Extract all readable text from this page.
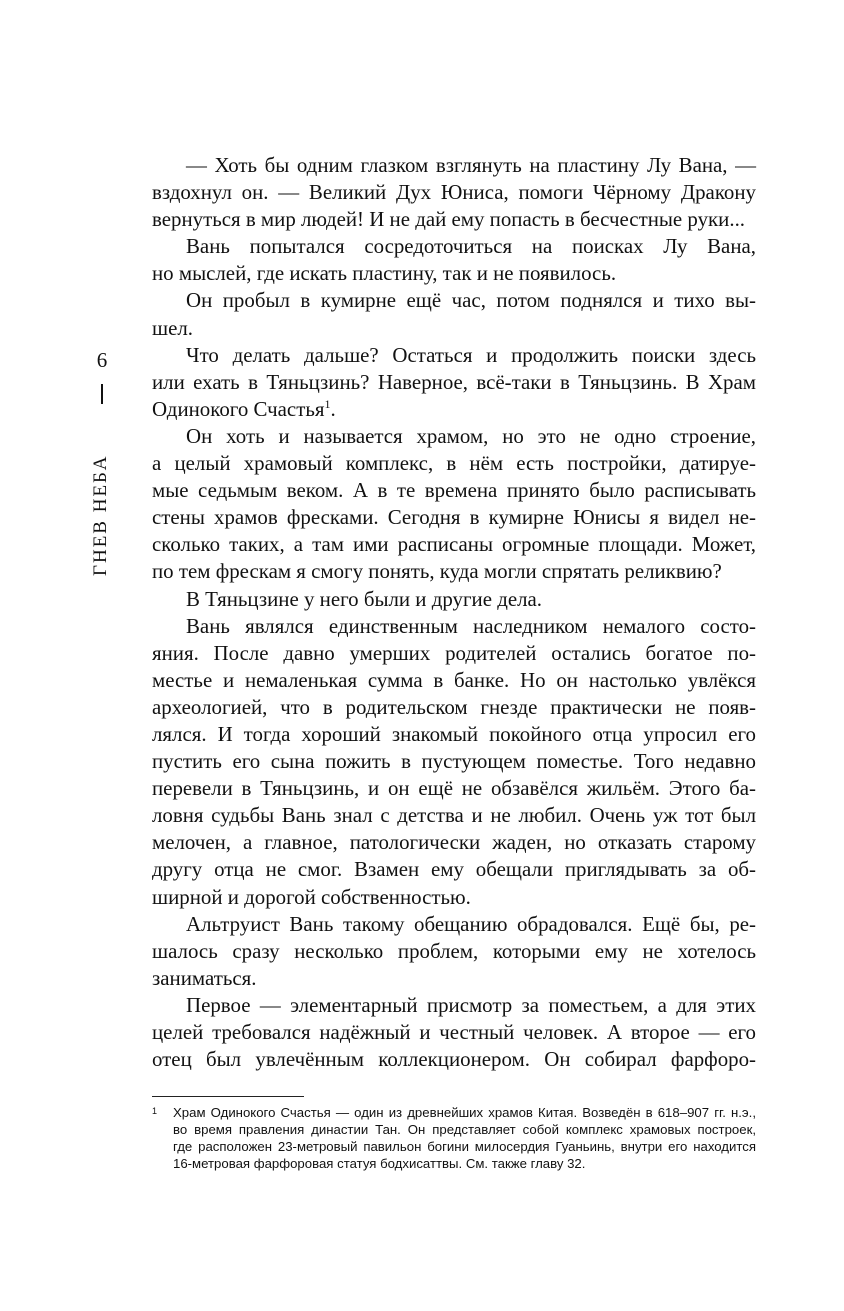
6
ГНЕВ НЕБА
— Хоть бы одним глазком взглянуть на пластину Лу Вана, —
вздохнул он. — Великий Дух Юниса, помоги Чёрному Дракону
вернуться в мир людей! И не дай ему попасть в бесчестные руки...
Вань попытался сосредоточиться на поисках Лу Вана,
но мыслей, где искать пластину, так и не появилось.
Он пробыл в кумирне ещё час, потом поднялся и тихо вы-
шел.
Что делать дальше? Остаться и продолжить поиски здесь
или ехать в Тяньцзинь? Наверное, всё-таки в Тяньцзинь. В Храм
Одинокого Счастья$^1$.
Он хоть и называется храмом, но это не одно строение,
а целый храмовый комплекс, в нём есть постройки, датируе-
мые седьмым веком. А в те времена принято было расписывать
стены храмов фресками. Сегодня в кумирне Юнисы я видел не-
сколько таких, а там ими расписаны огромные площади. Может,
по тем фрескам я смогу понять, куда могли спрятать реликвию?
В Тяньцзине у него были и другие дела.
Вань являлся единственным наследником немалого состо-
яния. После давно умерших родителей остались богатое по-
местье и немаленькая сумма в банке. Но он настолько увлёкся
археологией, что в родительском гнезде практически не появ-
лялся. И тогда хороший знакомый покойного отца упросил его
пустить его сына пожить в пустующем поместье. Того недавно
перевели в Тяньцзинь, и он ещё не обзавёлся жильём. Этого ба-
ловня судьбы Вань знал с детства и не любил. Очень уж тот был
мелочен, а главное, патологически жаден, но отказать старому
другу отца не смог. Взамен ему обещали приглядывать за об-
ширной и дорогой собственностью.
Альтруист Вань такому обещанию обрадовался. Ещё бы, ре-
шалось сразу несколько проблем, которыми ему не хотелось
заниматься.
Первое — элементарный присмотр за поместьем, а для этих
целей требовался надёжный и честный человек. А второе — его
отец был увлечённым коллекционером. Он собирал фарфоро-
1	Храм Одинокого Счастья — один из древнейших храмов Китая. Возведён в 618–907 гг. н.э.,
во время правления династии Тан. Он представляет собой комплекс храмовых построек,
где расположен 23-метровый павильон богини милосердия Гуаньинь, внутри его находится
16-метровая фарфоровая статуя бодхисаттвы. См. также главу 32.
